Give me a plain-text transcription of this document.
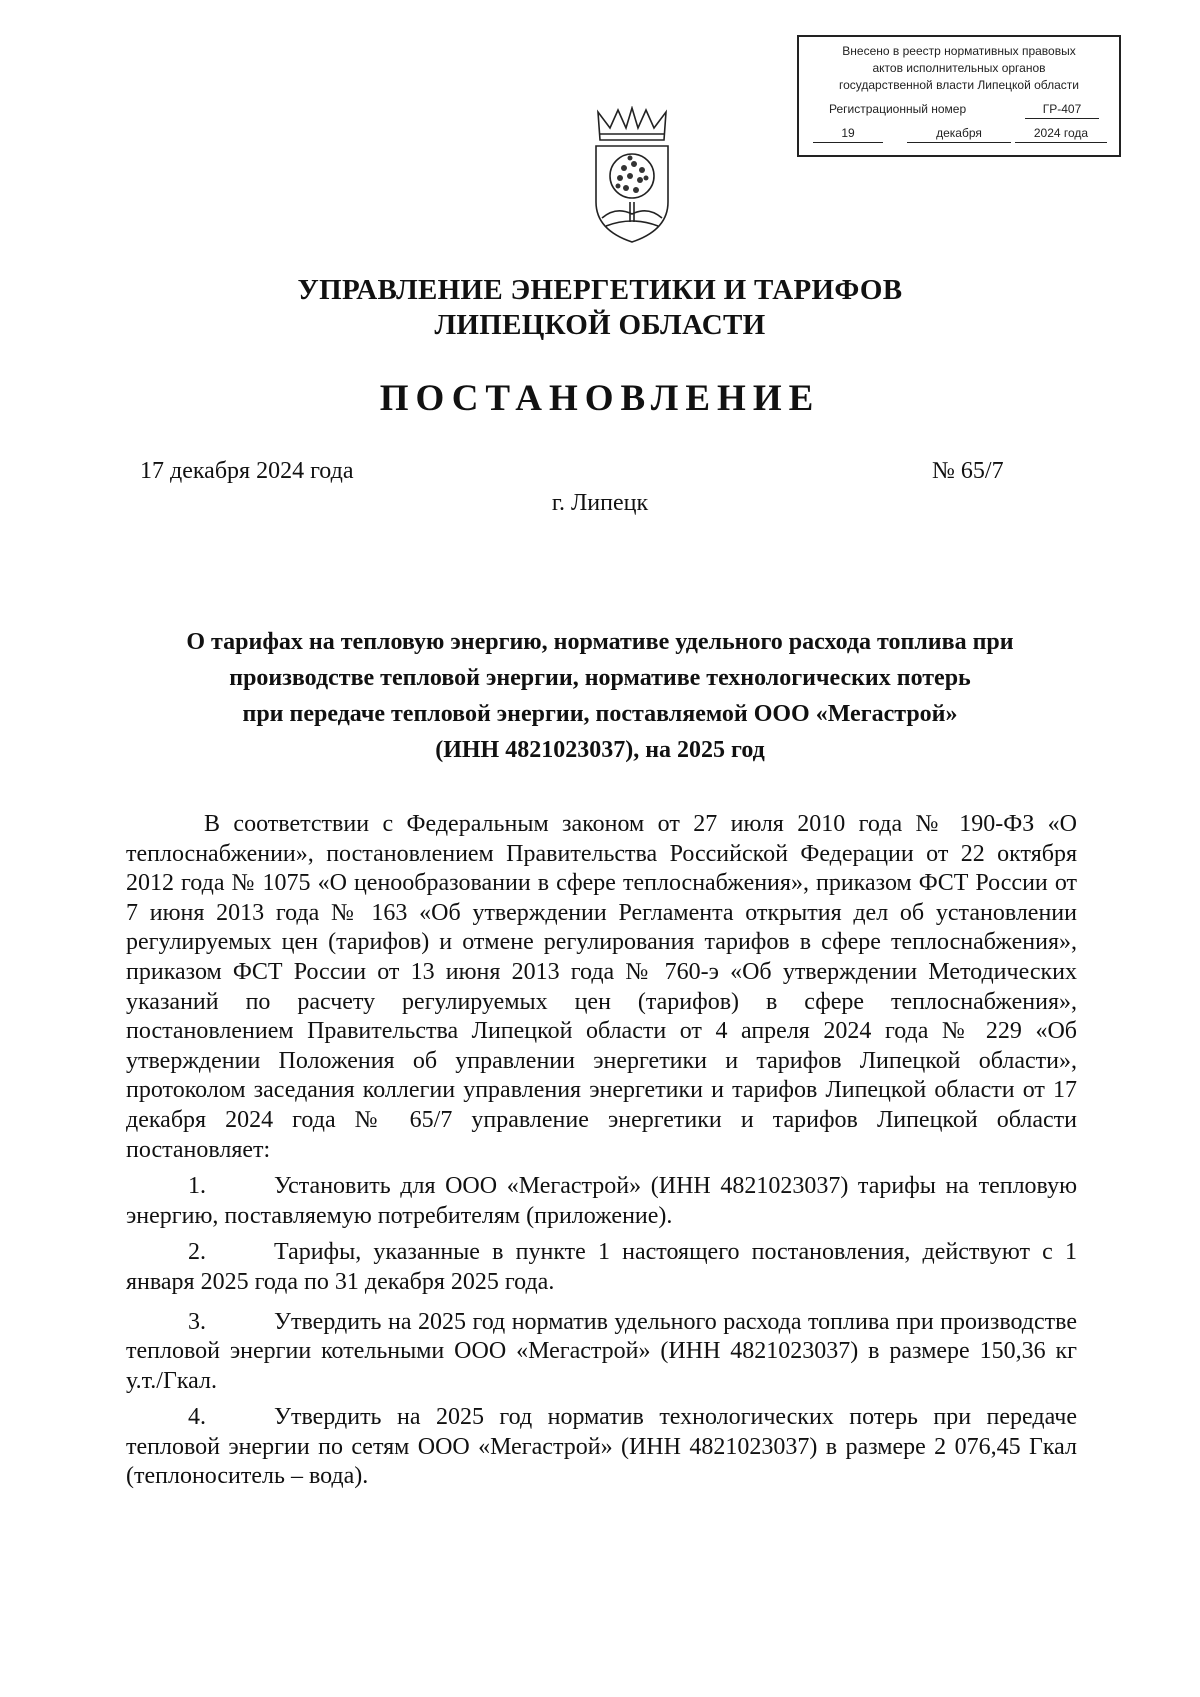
Внесено в реестр нормативных правовых
актов исполнительных органов
государственной власти Липецкой области
Регистрационный номер	ГР-407
19	декабря	2024 года
УПРАВЛЕНИЕ ЭНЕРГЕТИКИ И ТАРИФОВ
ЛИПЕЦКОЙ ОБЛАСТИ
ПОСТАНОВЛЕНИЕ
17 декабря 2024 года	№ 65/7
г. Липецк
О тарифах на тепловую энергию, нормативе удельного расхода топлива при
производстве тепловой энергии, нормативе технологических потерь
при передаче тепловой энергии, поставляемой ООО «Мегастрой»
(ИНН 4821023037), на 2025 год

В соответствии с Федеральным законом от 27 июля 2010 года № 190-ФЗ «О теплоснабжении», постановлением Правительства Российской Федерации от 22 октября 2012 года № 1075 «О ценообразовании в сфере теплоснабжения», приказом ФСТ России от 7 июня 2013 года № 163 «Об утверждении Регламента открытия дел об установлении регулируемых цен (тарифов) и отмене регулирования тарифов в сфере теплоснабжения», приказом ФСТ России от 13 июня 2013 года № 760-э «Об утверждении Методических указаний по расчету регулируемых цен (тарифов) в сфере теплоснабжения», постановлением Правительства Липецкой области от 4 апреля 2024 года № 229 «Об утверждении Положения об управлении энергетики и тарифов Липецкой области», протоколом заседания коллегии управления энергетики и тарифов Липецкой области от 17 декабря 2024 года № 65/7 управление энергетики и тарифов Липецкой области постановляет:

1.	Установить для ООО «Мегастрой» (ИНН 4821023037) тарифы на тепловую энергию, поставляемую потребителям (приложение).

2.	Тарифы, указанные в пункте 1 настоящего постановления, действуют с 1 января 2025 года по 31 декабря 2025 года.

3.	Утвердить на 2025 год норматив удельного расхода топлива при производстве тепловой энергии котельными ООО «Мегастрой» (ИНН 4821023037) в размере 150,36 кг у.т./Гкал.

4.	Утвердить на 2025 год норматив технологических потерь при передаче тепловой энергии по сетям ООО «Мегастрой» (ИНН 4821023037) в размере 2 076,45 Гкал (теплоноситель – вода).
